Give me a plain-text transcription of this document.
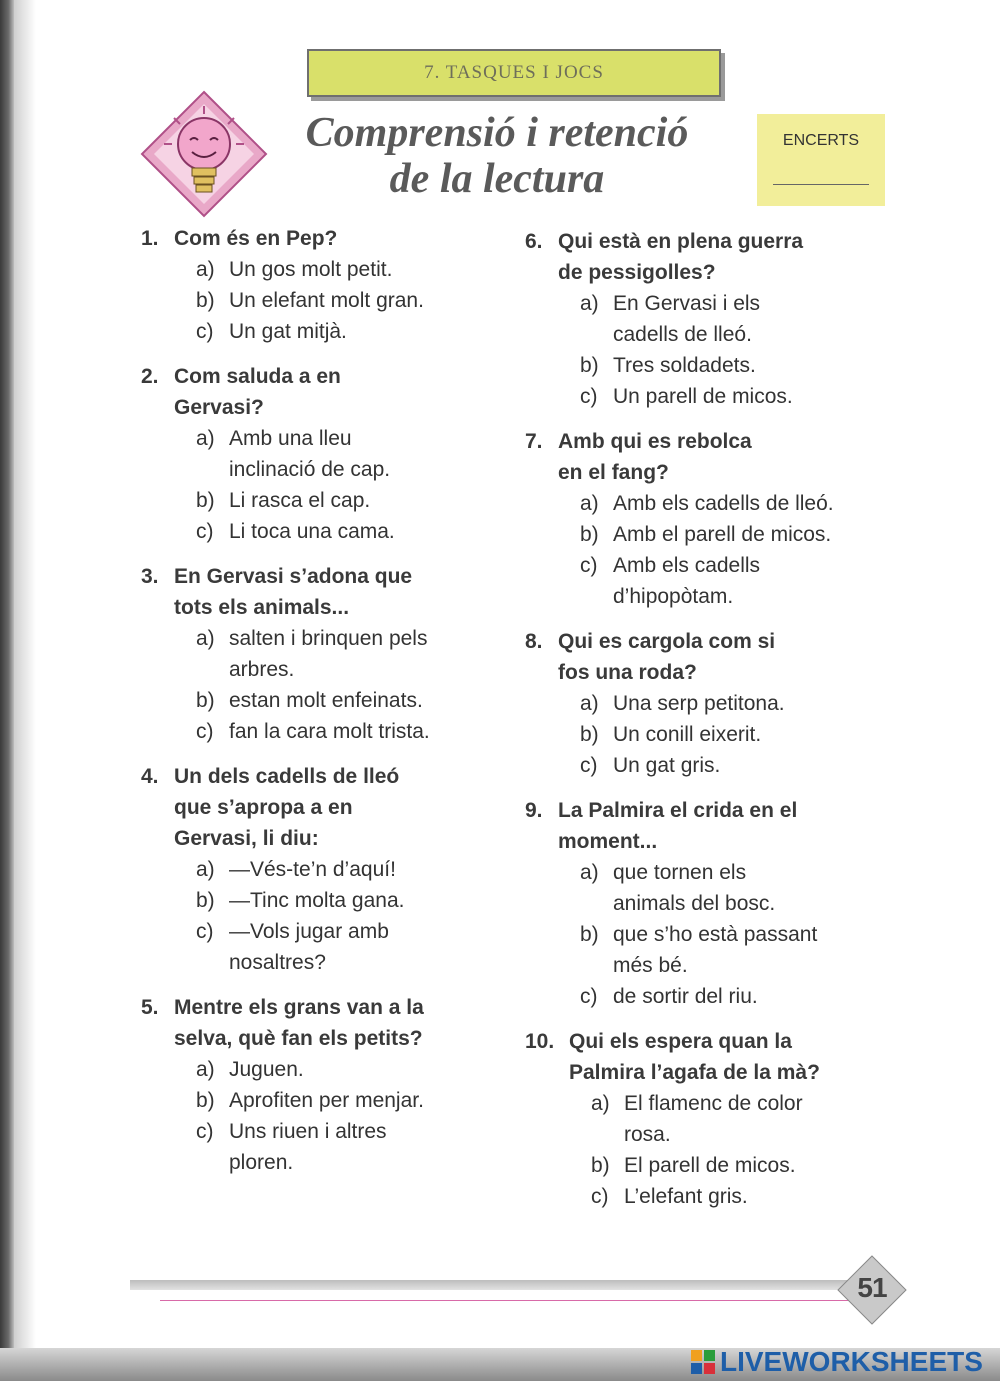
7. TASQUES I JOCS
Comprensió i retenció
de la lectura
ENCERTS
1. Com és en Pep?
a) Un gos molt petit.
b) Un elefant molt gran.
c) Un gat mitjà.
2. Com saluda a en
Gervasi?
a) Amb una lleu
inclinació de cap.
b) Li rasca el cap.
c) Li toca una cama.
3. En Gervasi s’adona que
tots els animals...
a) salten i brinquen pels
arbres.
b) estan molt enfeinats.
c) fan la cara molt trista.
4. Un dels cadells de lleó
que s’apropa a en
Gervasi, li diu:
a) —Vés-te’n d’aquí!
b) —Tinc molta gana.
c) —Vols jugar amb
nosaltres?
5. Mentre els grans van a la
selva, què fan els petits?
a) Juguen.
b) Aprofiten per menjar.
c) Uns riuen i altres
ploren.
6. Qui està en plena guerra
de pessigolles?
a) En Gervasi i els
cadells de lleó.
b) Tres soldadets.
c) Un parell de micos.
7. Amb qui es rebolca
en el fang?
a) Amb els cadells de lleó.
b) Amb el parell de micos.
c) Amb els cadells
d’hipopòtam.
8. Qui es cargola com si
fos una roda?
a) Una serp petitona.
b) Un conill eixerit.
c) Un gat gris.
9. La Palmira el crida en el
moment...
a) que tornen els
animals del bosc.
b) que s’ho està passant
més bé.
c) de sortir del riu.
10. Qui els espera quan la
Palmira l’agafa de la mà?
a) El flamenc de color
rosa.
b) El parell de micos.
c) L’elefant gris.
51
LIVEWORKSHEETS
